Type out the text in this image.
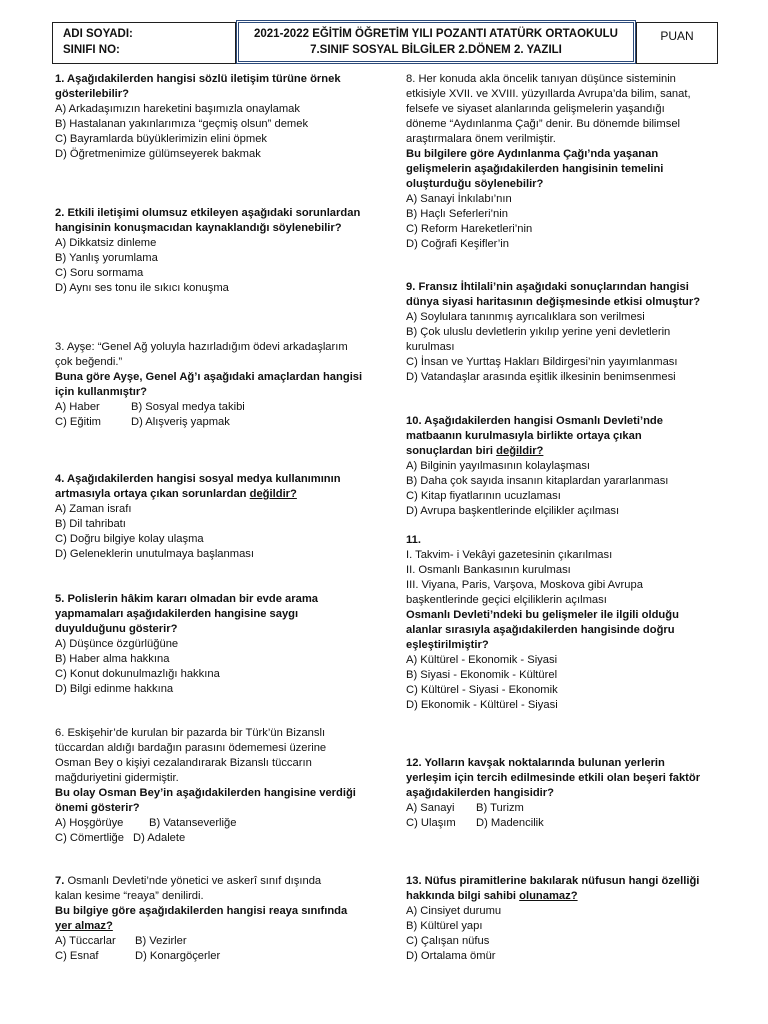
ADI SOYADI:
SINIFI NO:
2021-2022 EĞİTİM ÖĞRETİM YILI POZANTI ATATÜRK ORTAOKULU
7.SINIF SOSYAL BİLGİLER 2.DÖNEM 2. YAZILI
PUAN

1. Aşağıdakilerden hangisi sözlü iletişim türüne örnek

gösterilebilir?

A) Arkadaşımızın hareketini başımızla onaylamak

B) Hastalanan yakınlarımıza “geçmiş olsun” demek

C) Bayramlarda büyüklerimizin elini öpmek

D) Öğretmenimize gülümseyerek bakmak

2. Etkili iletişimi olumsuz etkileyen aşağıdaki sorunlardan

hangisinin konuşmacıdan kaynaklandığı söylenebilir?

A) Dikkatsiz dinleme

B) Yanlış yorumlama

C) Soru sormama

D) Aynı ses tonu ile sıkıcı konuşma

3. Ayşe: “Genel Ağ yoluyla hazırladığım ödevi arkadaşlarım

çok beğendi.”

Buna göre Ayşe, Genel Ağ’ı aşağıdaki amaçlardan hangisi

için kullanmıştır?

A) Haber	B) Sosyal medya takibi

C) Eğitim	D) Alışveriş yapmak

4. Aşağıdakilerden hangisi sosyal medya kullanımının

artmasıyla ortaya çıkan sorunlardan değildir?

A) Zaman israfı

B) Dil tahribatı

C) Doğru bilgiye kolay ulaşma

D) Geleneklerin unutulmaya başlanması

5. Polislerin hâkim kararı olmadan bir evde arama

yapmamaları aşağıdakilerden hangisine saygı

duyulduğunu gösterir?

A) Düşünce özgürlüğüne

B) Haber alma hakkına

C) Konut dokunulmazlığı hakkına

D) Bilgi edinme hakkına

6. Eskişehir’de kurulan bir pazarda bir Türk’ün Bizanslı

tüccardan aldığı bardağın parasını ödememesi üzerine

Osman Bey o kişiyi cezalandırarak Bizanslı tüccarın

mağduriyetini gidermiştir.

Bu olay Osman Bey’in aşağıdakilerden hangisine verdiği

önemi gösterir?

A) Hoşgörüye	B) Vatanseverliğe

C) Cömertliğe D) Adalete

7. Osmanlı Devleti’nde yönetici ve askerî sınıf dışında

kalan kesime “reaya” denilirdi.

Bu bilgiye göre aşağıdakilerden hangisi reaya sınıfında

yer almaz?

A) Tüccarlar	B) Vezirler

C) Esnaf	D) Konargöçerler

8. Her konuda akla öncelik tanıyan düşünce sisteminin

etkisiyle XVII. ve XVIII. yüzyıllarda Avrupa’da bilim, sanat,

felsefe ve siyaset alanlarında gelişmelerin yaşandığı

döneme “Aydınlanma Çağı” denir. Bu dönemde bilimsel

araştırmalara önem verilmiştir.

Bu bilgilere göre Aydınlanma Çağı’nda yaşanan

gelişmelerin aşağıdakilerden hangisinin temelini

oluşturduğu söylenebilir?

A) Sanayi İnkılabı’nın

B) Haçlı Seferleri’nin

C) Reform Hareketleri’nin

D) Coğrafi Keşifler’in

9. Fransız İhtilali’nin aşağıdaki sonuçlarından hangisi

dünya siyasi haritasının değişmesinde etkisi olmuştur?

A) Soylulara tanınmış ayrıcalıklara son verilmesi

B) Çok uluslu devletlerin yıkılıp yerine yeni devletlerin

kurulması

C) İnsan ve Yurttaş Hakları Bildirgesi’nin yayımlanması

D) Vatandaşlar arasında eşitlik ilkesinin benimsenmesi

10. Aşağıdakilerden hangisi Osmanlı Devleti’nde

matbaanın kurulmasıyla birlikte ortaya çıkan

sonuçlardan biri değildir?

A) Bilginin yayılmasının kolaylaşması

B) Daha çok sayıda insanın kitaplardan yararlanması

C) Kitap fiyatlarının ucuzlaması

D) Avrupa başkentlerinde elçilikler açılması

11.

I. Takvim- i Vekâyi gazetesinin çıkarılması

II. Osmanlı Bankasının kurulması

III. Viyana, Paris, Varşova, Moskova gibi Avrupa

başkentlerinde geçici elçiliklerin açılması

Osmanlı Devleti’ndeki bu gelişmeler ile ilgili olduğu

alanlar sırasıyla aşağıdakilerden hangisinde doğru

eşleştirilmiştir?

A) Kültürel - Ekonomik - Siyasi

B) Siyasi - Ekonomik - Kültürel

C) Kültürel - Siyasi - Ekonomik

D) Ekonomik - Kültürel - Siyasi

12. Yolların kavşak noktalarında bulunan yerlerin

yerleşim için tercih edilmesinde etkili olan beşeri faktör

aşağıdakilerden hangisidir?

A) Sanayi	B) Turizm

C) Ulaşım	D) Madencilik

13. Nüfus piramitlerine bakılarak nüfusun hangi özelliği

hakkında bilgi sahibi olunamaz?

A) Cinsiyet durumu

B) Kültürel yapı

C) Çalışan nüfus

D) Ortalama ömür
